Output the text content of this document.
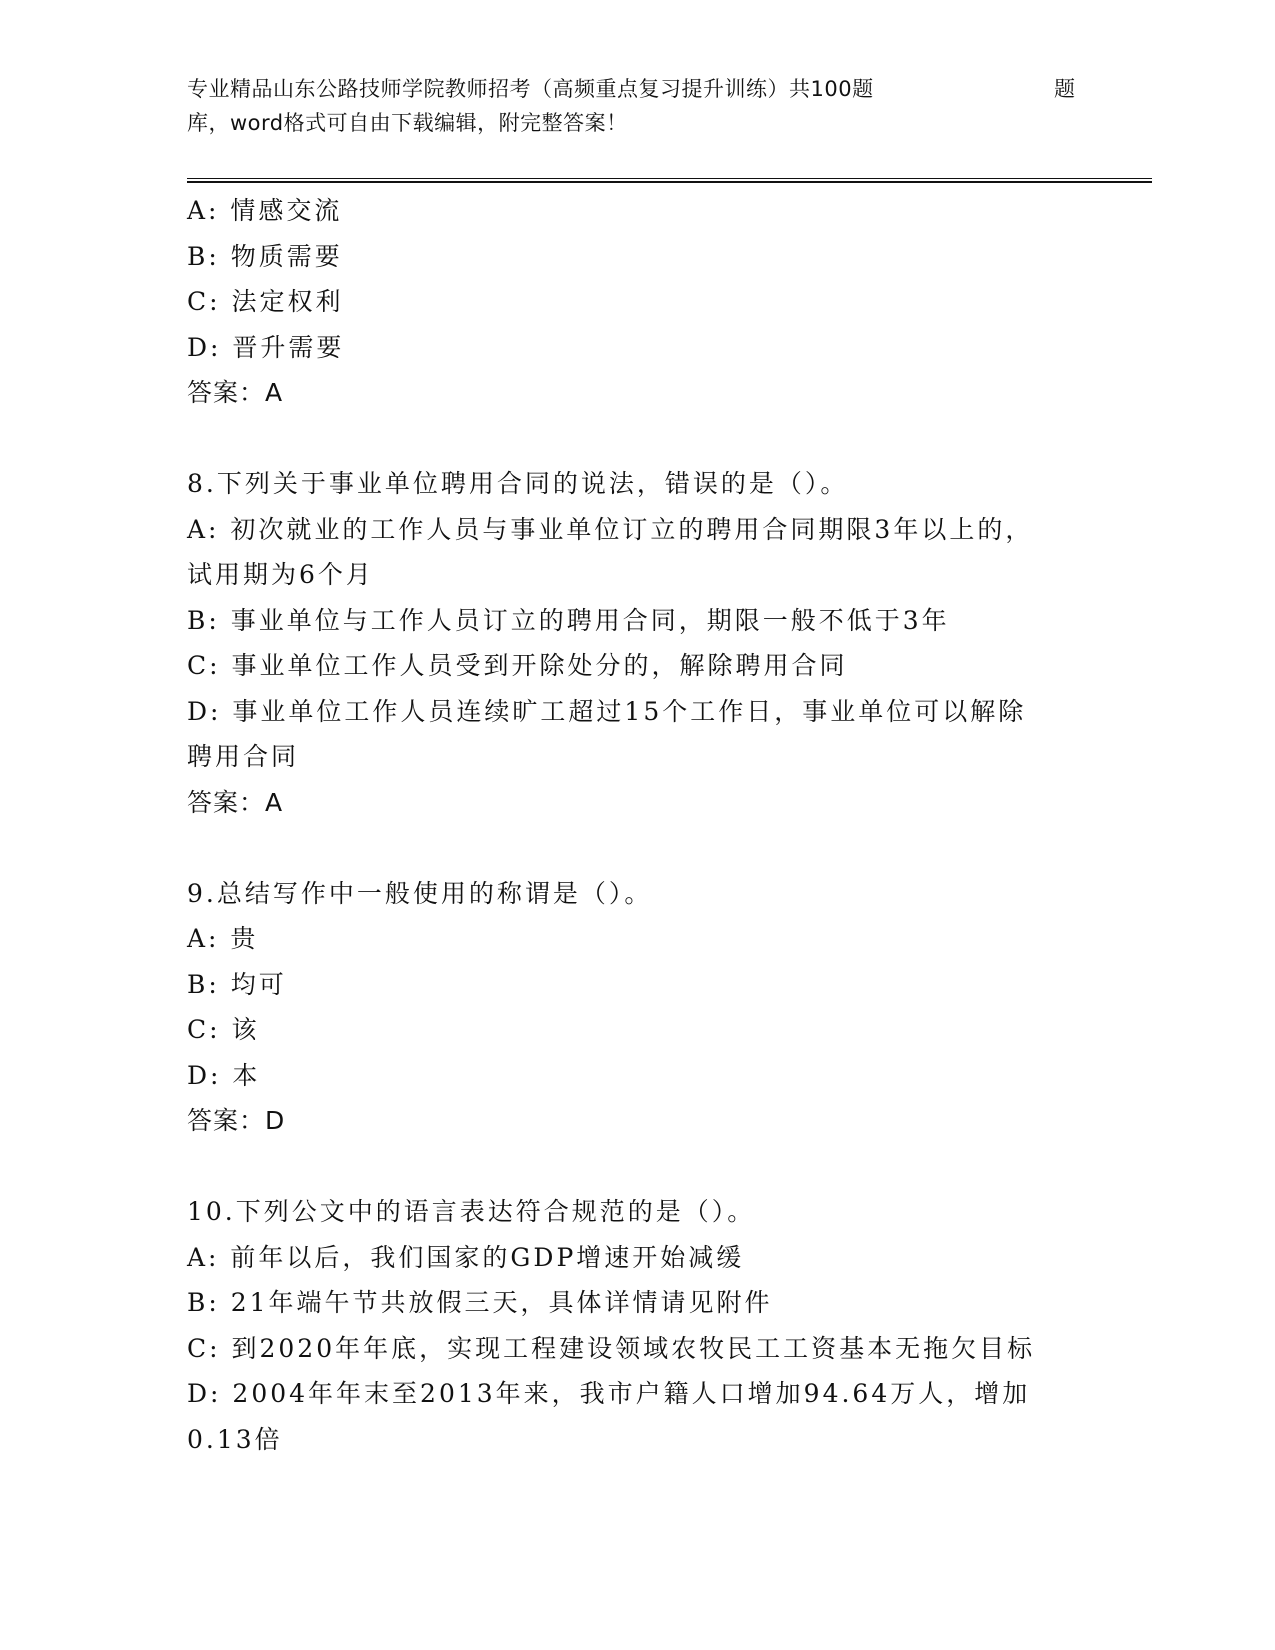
专业精品山东公路技师学院教师招考（高频重点复习提升训练）共100题
库，word格式可自由下载编辑，附完整答案！
题
A: 情感交流
B: 物质需要
C: 法定权利
D: 晋升需要
答案：A
8.下列关于事业单位聘用合同的说法，错误的是（）。
A: 初次就业的工作人员与事业单位订立的聘用合同期限3年以上的，
试用期为6个月
B: 事业单位与工作人员订立的聘用合同，期限一般不低于3年
C: 事业单位工作人员受到开除处分的，解除聘用合同
D: 事业单位工作人员连续旷工超过15个工作日，事业单位可以解除
聘用合同
答案：A
9.总结写作中一般使用的称谓是（）。
A: 贵
B: 均可
C: 该
D: 本
答案：D
10.下列公文中的语言表达符合规范的是（）。
A: 前年以后，我们国家的GDP增速开始减缓
B: 21年端午节共放假三天，具体详情请见附件
C: 到2020年年底，实现工程建设领域农牧民工工资基本无拖欠目标
D: 2004年年末至2013年来，我市户籍人口增加94.64万人，增加
0.13倍
